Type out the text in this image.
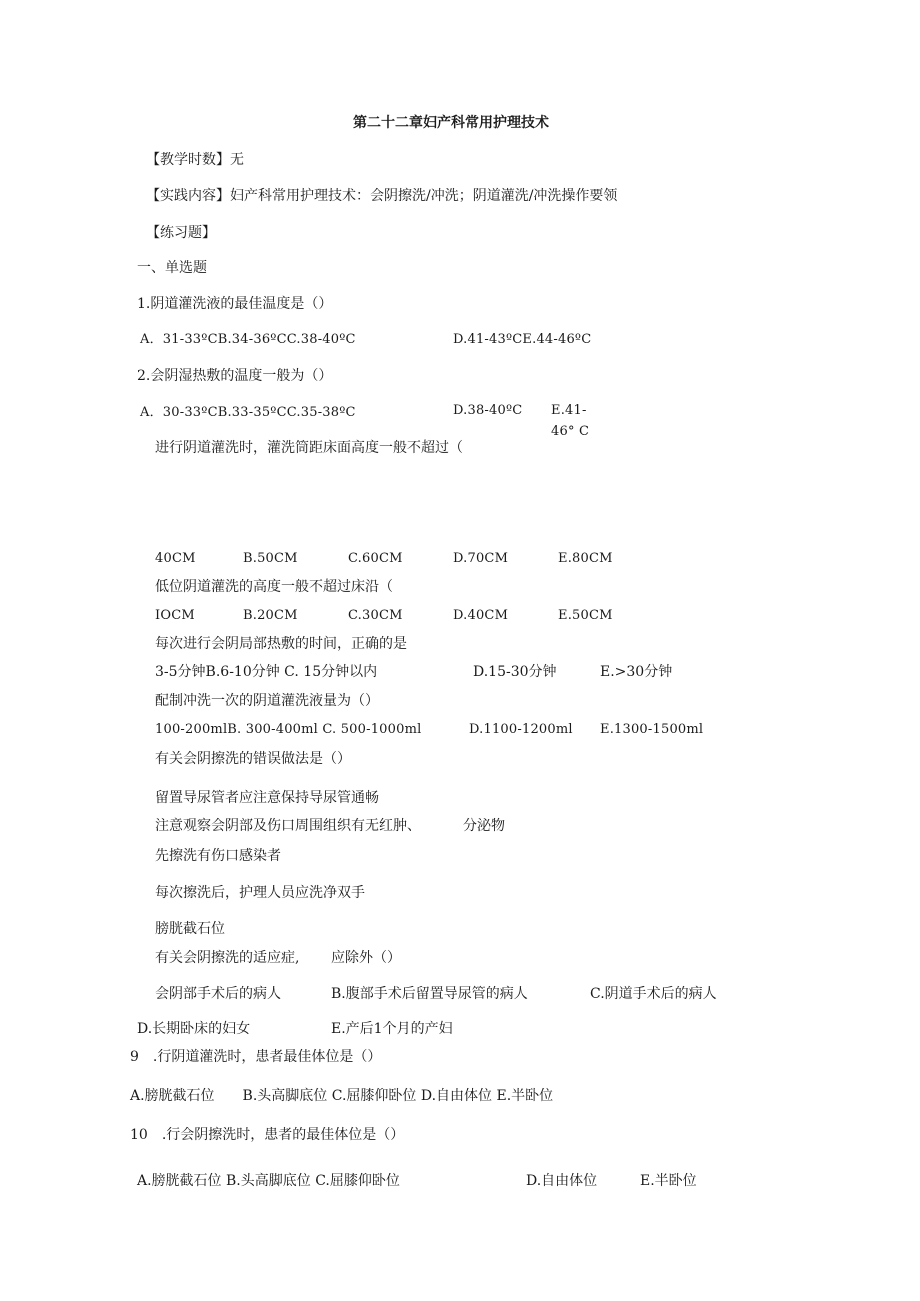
第二十二章妇产科常用护理技术
【教学时数】无
【实践内容】妇产科常用护理技术：会阴擦洗/冲洗；阴道灌洗/冲洗操作要领
【练习题】
一、单选题
1.阴道灌洗液的最佳温度是（）
A．31-33ºCB.34-36ºCC.38-40ºC	D.41-43ºCE.44-46ºC
2.会阴湿热敷的温度一般为（）
A．30-33ºCB.33-35ºCC.35-38ºC	D.38-40ºC E.41-
46° C
进行阴道灌洗时，灌洗筒距床面高度一般不超过（
40CM	B.50CM	C.60CM	D.70CM	E.80CM
低位阴道灌洗的高度一般不超过床沿（
IOCM	B.20CM	C.30CM	D.40CM	E.50CM
每次进行会阴局部热敷的时间，正确的是
3-5分钟B.6-10分钟 C. 15分钟以内	D.15-30分钟	E.>30分钟
配制冲洗一次的阴道灌洗液量为（）
100-200mlB. 300-400ml C. 500-1000ml	D.1100-1200ml E.1300-1500ml
有关会阴擦洗的错误做法是（）
留置导尿管者应注意保持导尿管通畅
注意观察会阴部及伤口周围组织有无红肿、	分泌物
先擦洗有伤口感染者
每次擦洗后，护理人员应洗净双手
膀胱截石位
有关会阴擦洗的适应症, 应除外（）
会阴部手术后的病人	B.腹部手术后留置导尿管的病人	C.阴道手术后的病人
D.长期卧床的妇女	E.产后1个月的产妇
9　.行阴道灌洗时，患者最佳体位是（）
A.膀胱截石位　　B.头高脚底位 C.屈膝仰卧位 D.自由体位 E.半卧位
10　.行会阴擦洗时，患者的最佳体位是（）
A.膀胱截石位 B.头高脚底位 C.屈膝仰卧位	D.自由体位	E.半卧位
